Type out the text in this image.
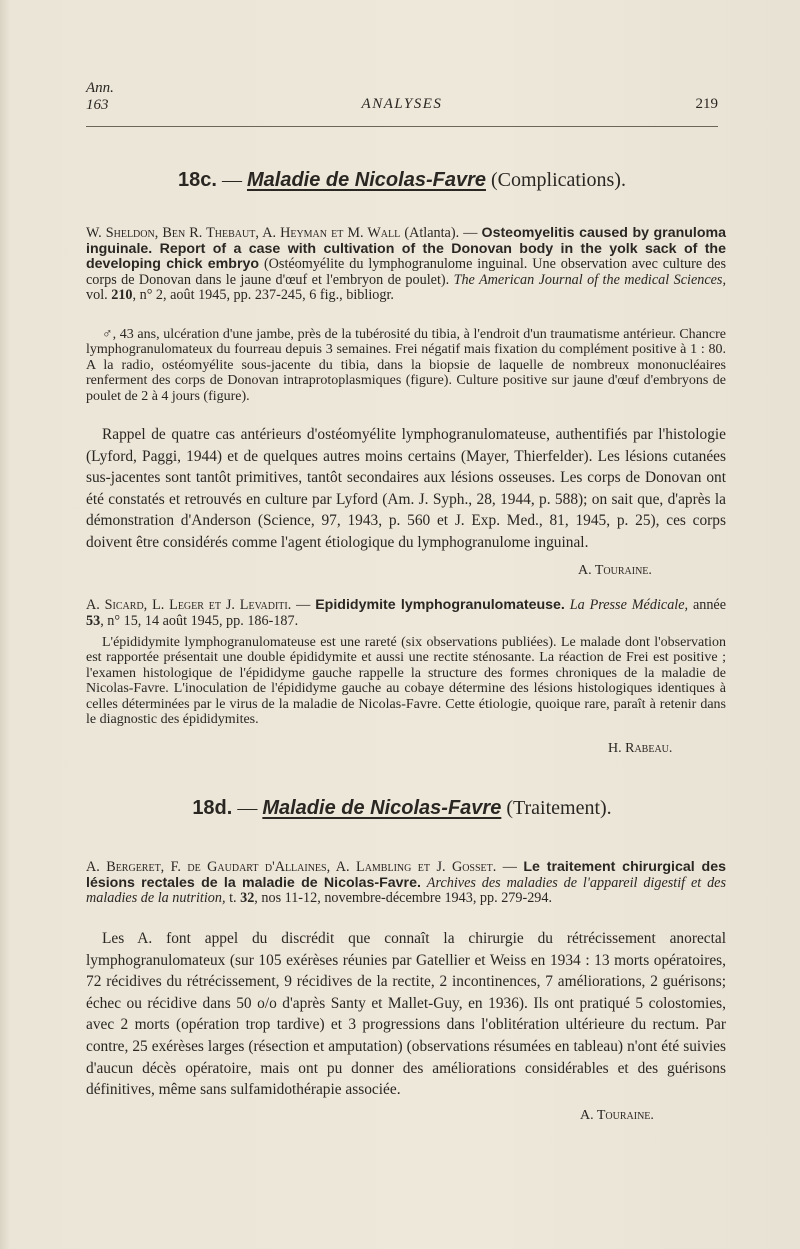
Ann.
163	ANALYSES	219
18c. — Maladie de Nicolas-Favre (Complications).

W. Sheldon, Ben R. Thebaut, A. Heyman et M. Wall (Atlanta). — Osteomyelitis caused by granuloma inguinale. Report of a case with cultivation of the Donovan body in the yolk sack of the developing chick embryo (Ostéomyélite du lymphogranulome inguinal. Une observation avec culture des corps de Donovan dans le jaune d'œuf et l'embryon de poulet). The American Journal of the medical Sciences, vol. 210, n° 2, août 1945, pp. 237-245, 6 fig., bibliogr.

♂, 43 ans, ulcération d'une jambe, près de la tubérosité du tibia, à l'endroit d'un traumatisme antérieur. Chancre lymphogranulomateux du fourreau depuis 3 semaines. Frei négatif mais fixation du complément positive à 1 : 80. A la radio, ostéomyélite sous-jacente du tibia, dans la biopsie de laquelle de nombreux mononucléaires renferment des corps de Donovan intraprotoplasmiques (figure). Culture positive sur jaune d'œuf d'embryons de poulet de 2 à 4 jours (figure).
Rappel de quatre cas antérieurs d'ostéomyélite lymphogranulomateuse, authentifiés par l'histologie (Lyford, Paggi, 1944) et de quelques autres moins certains (Mayer, Thierfelder). Les lésions cutanées sus-jacentes sont tantôt primitives, tantôt secondaires aux lésions osseuses. Les corps de Donovan ont été constatés et retrouvés en culture par Lyford (Am. J. Syph., 28, 1944, p. 588); on sait que, d'après la démonstration d'Anderson (Science, 97, 1943, p. 560 et J. Exp. Med., 81, 1945, p. 25), ces corps doivent être considérés comme l'agent étiologique du lymphogranulome inguinal.
A. Touraine.

A. Sicard, L. Leger et J. Levaditi. — Epididymite lymphogranulomateuse. La Presse Médicale, année 53, n° 15, 14 août 1945, pp. 186-187.

L'épididymite lymphogranulomateuse est une rareté (six observations publiées). Le malade dont l'observation est rapportée présentait une double épididymite et aussi une rectite sténosante. La réaction de Frei est positive ; l'examen histologique de l'épididyme gauche rappelle la structure des formes chroniques de la maladie de Nicolas-Favre. L'inoculation de l'épididyme gauche au cobaye détermine des lésions histologiques identiques à celles déterminées par le virus de la maladie de Nicolas-Favre. Cette étiologie, quoique rare, paraît à retenir dans le diagnostic des épididymites.
H. Rabeau.
18d. — Maladie de Nicolas-Favre (Traitement).

A. Bergeret, F. de Gaudart d'Allaines, A. Lambling et J. Gosset. — Le traitement chirurgical des lésions rectales de la maladie de Nicolas-Favre. Archives des maladies de l'appareil digestif et des maladies de la nutrition, t. 32, nos 11-12, novembre-décembre 1943, pp. 279-294.

Les A. font appel du discrédit que connaît la chirurgie du rétrécissement anorectal lymphogranulomateux (sur 105 exérèses réunies par Gatellier et Weiss en 1934 : 13 morts opératoires, 72 récidives du rétrécissement, 9 récidives de la rectite, 2 incontinences, 7 améliorations, 2 guérisons; échec ou récidive dans 50 o/o d'après Santy et Mallet-Guy, en 1936). Ils ont pratiqué 5 colostomies, avec 2 morts (opération trop tardive) et 3 progressions dans l'oblitération ultérieure du rectum. Par contre, 25 exérèses larges (résection et amputation) (observations résumées en tableau) n'ont été suivies d'aucun décès opératoire, mais ont pu donner des améliorations considérables et des guérisons définitives, même sans sulfamidothérapie associée.
A. Touraine.
